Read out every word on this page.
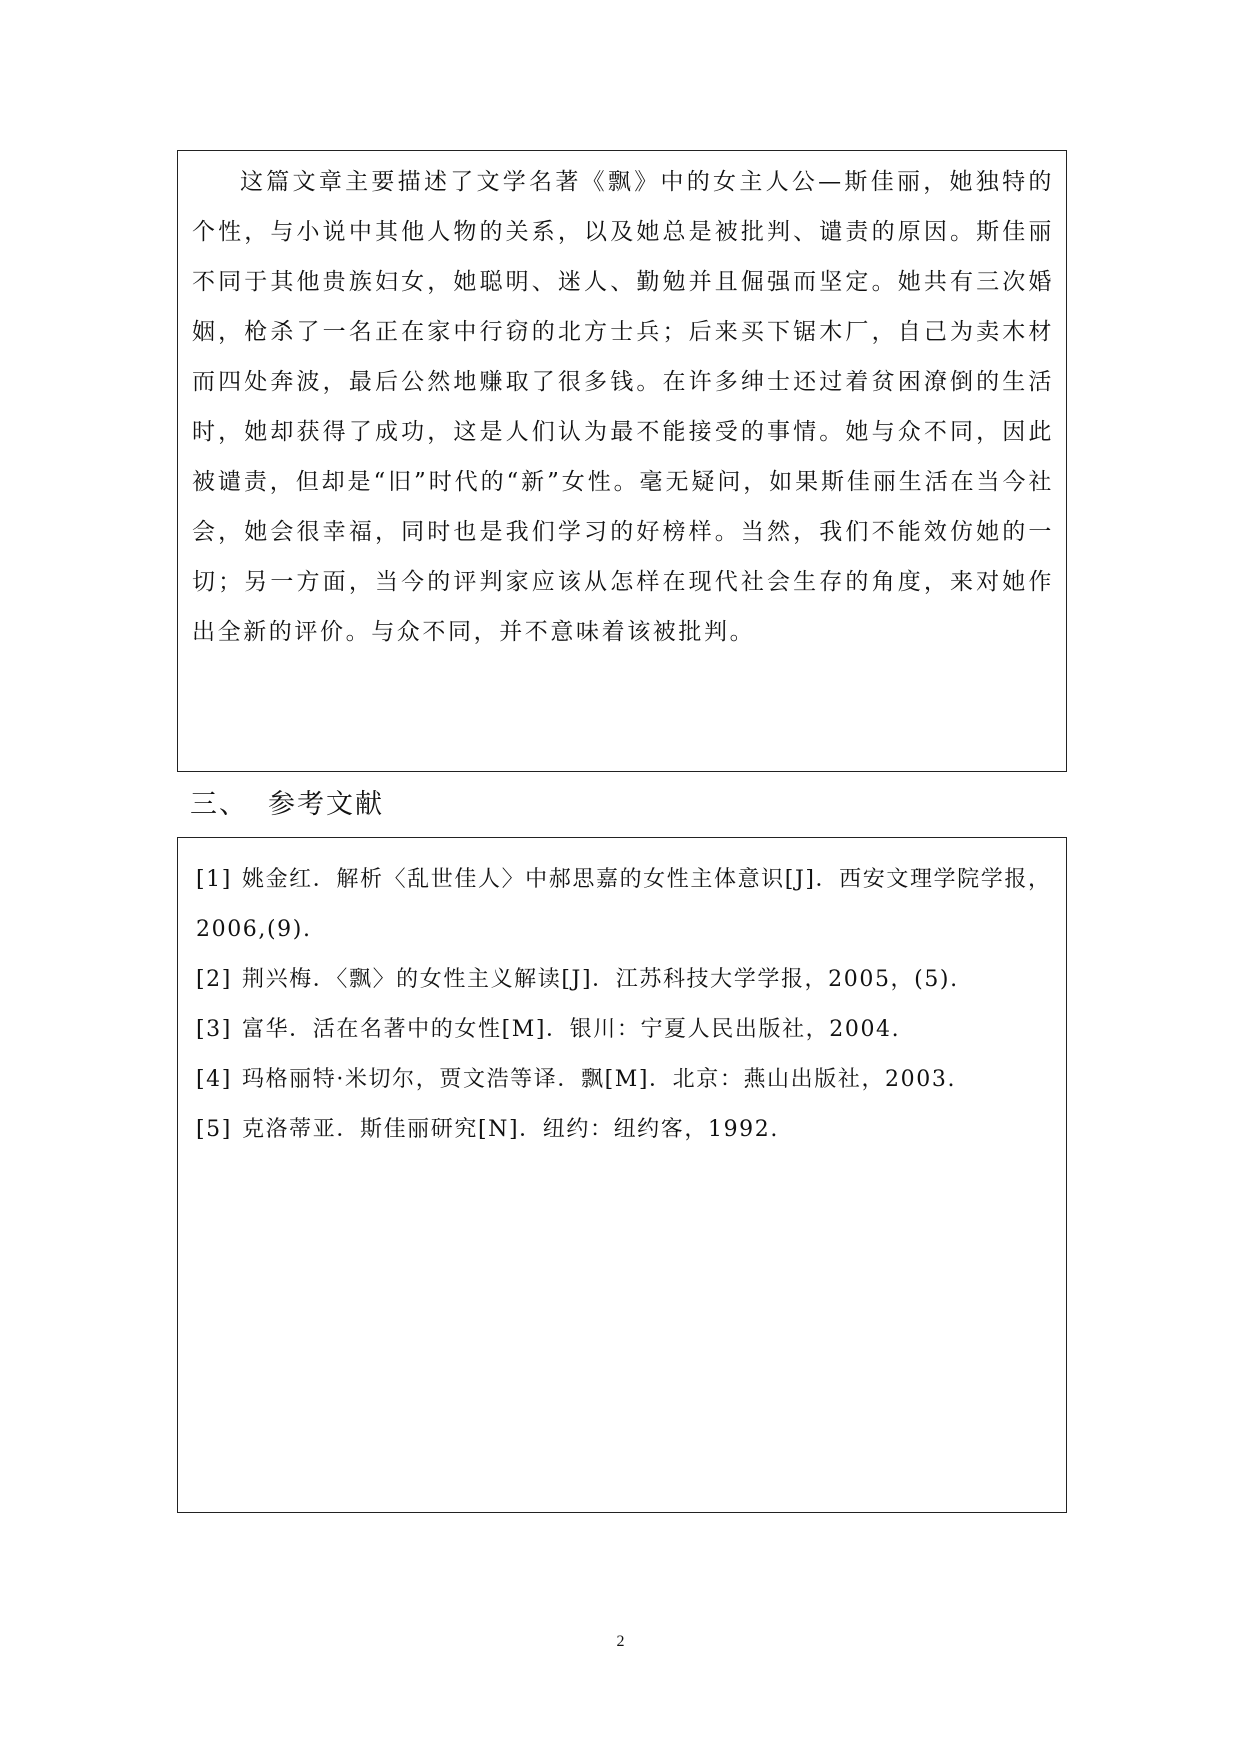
这篇文章主要描述了文学名著《飘》中的女主人公—斯佳丽，她独特的个性，与小说中其他人物的关系，以及她总是被批判、谴责的原因。斯佳丽不同于其他贵族妇女，她聪明、迷人、勤勉并且倔强而坚定。她共有三次婚姻，枪杀了一名正在家中行窃的北方士兵；后来买下锯木厂，自己为卖木材而四处奔波，最后公然地赚取了很多钱。在许多绅士还过着贫困潦倒的生活时，她却获得了成功，这是人们认为最不能接受的事情。她与众不同，因此被谴责，但却是“旧”时代的“新”女性。毫无疑问，如果斯佳丽生活在当今社会，她会很幸福，同时也是我们学习的好榜样。当然，我们不能效仿她的一切；另一方面，当今的评判家应该从怎样在现代社会生存的角度，来对她作出全新的评价。与众不同，并不意味着该被批判。

三、 参考文献
[1] 姚金红．解析〈乱世佳人〉中郝思嘉的女性主体意识[J]．西安文理学院学报，2006,(9).
[2] 荆兴梅．〈飘〉的女性主义解读[J]．江苏科技大学学报，2005，(5).
[3] 富华．活在名著中的女性[M]．银川：宁夏人民出版社，2004.
[4] 玛格丽特·米切尔，贾文浩等译．飘[M]．北京：燕山出版社，2003.
[5] 克洛蒂亚．斯佳丽研究[N]．纽约：纽约客，1992.
2
